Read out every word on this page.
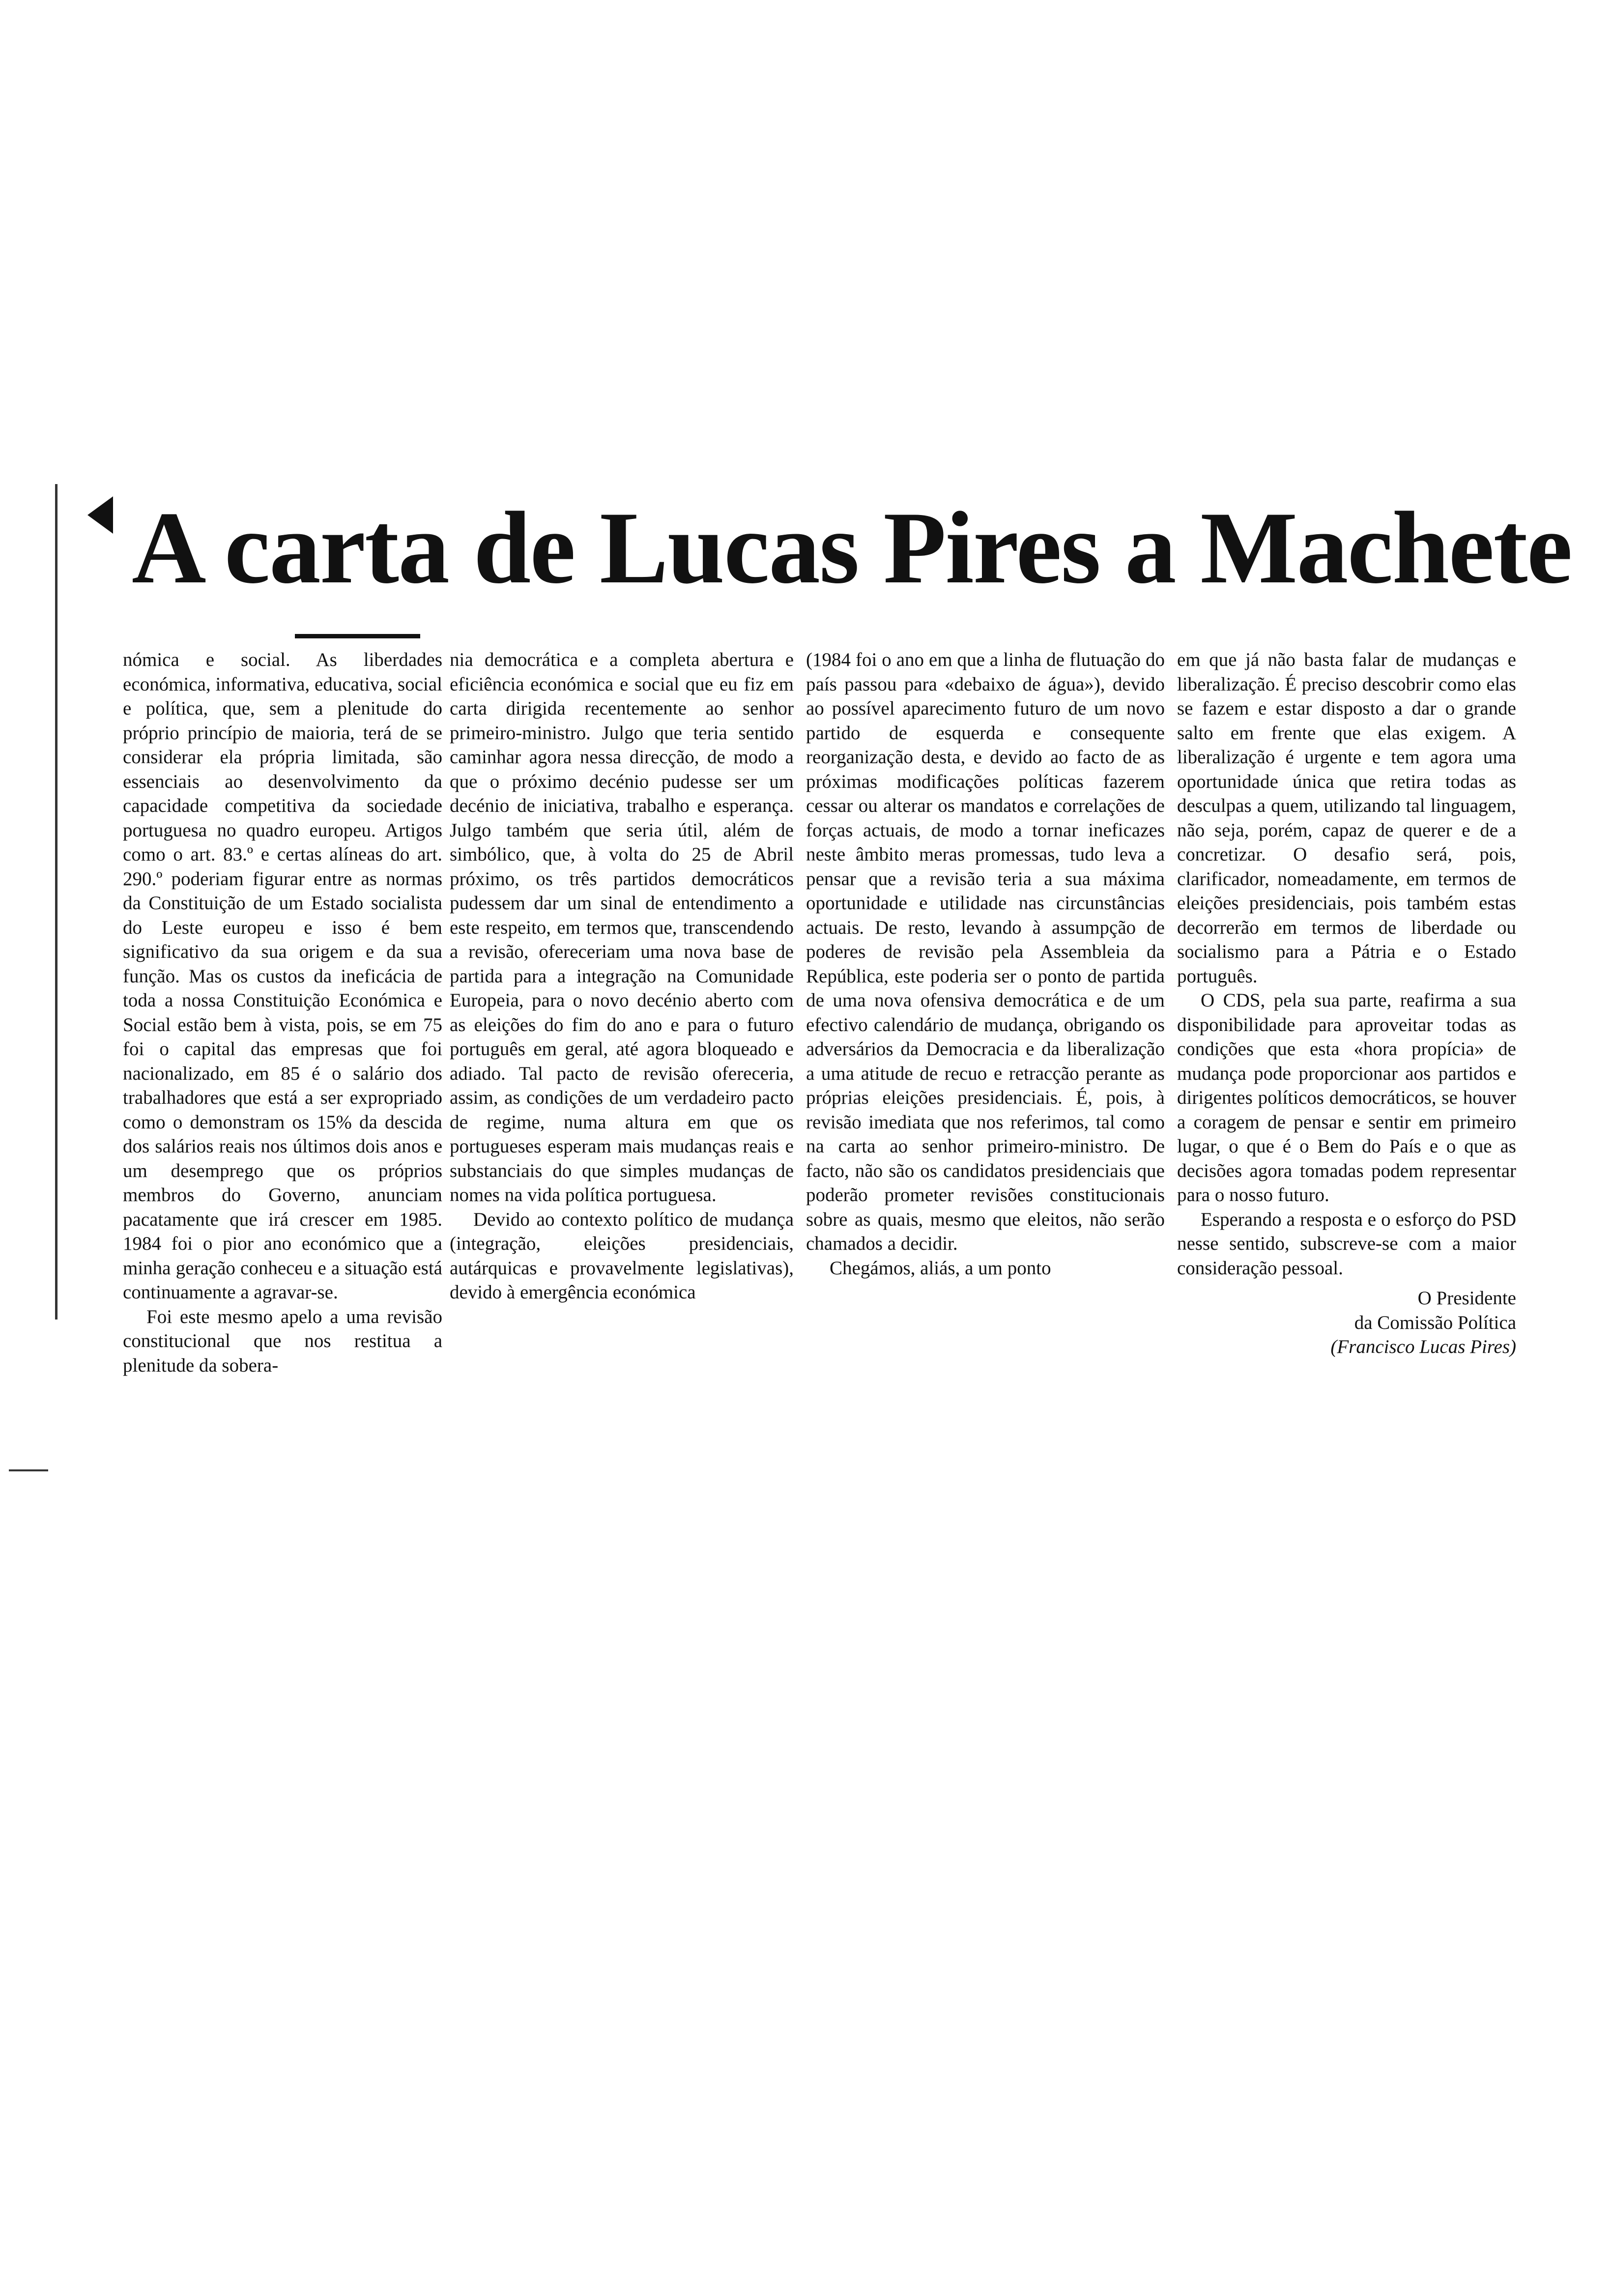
A carta de Lucas Pires a Machete

nómica e social. As liberdades económica, informativa, educativa, social e política, que, sem a plenitude do próprio princípio de maioria, terá de se considerar ela própria limitada, são essenciais ao desenvolvimento da capacidade competitiva da sociedade portuguesa no quadro europeu. Artigos como o art. 83.º e certas alíneas do art. 290.º poderiam figurar entre as normas da Constituição de um Estado socialista do Leste europeu e isso é bem significativo da sua origem e da sua função. Mas os custos da ineficácia de toda a nossa Constituição Económica e Social estão bem à vista, pois, se em 75 foi o capital das empresas que foi nacionalizado, em 85 é o salário dos trabalhadores que está a ser expropriado como o demonstram os 15% da descida dos salários reais nos últimos dois anos e um desemprego que os próprios membros do Governo, anunciam pacatamente que irá crescer em 1985. 1984 foi o pior ano económico que a minha geração conheceu e a situação está continuamente a agravar-se.

Foi este mesmo apelo a uma revisão constitucional que nos restitua a plenitude da sobera-

nia democrática e a completa abertura e eficiência económica e social que eu fiz em carta dirigida recentemente ao senhor primeiro-ministro. Julgo que teria sentido caminhar agora nessa direcção, de modo a que o próximo decénio pudesse ser um decénio de iniciativa, trabalho e esperança. Julgo também que seria útil, além de simbólico, que, à volta do 25 de Abril próximo, os três partidos democráticos pudessem dar um sinal de entendimento a este respeito, em termos que, transcendendo a revisão, ofereceriam uma nova base de partida para a integração na Comunidade Europeia, para o novo decénio aberto com as eleições do fim do ano e para o futuro português em geral, até agora bloqueado e adiado. Tal pacto de revisão ofereceria, assim, as condições de um verdadeiro pacto de regime, numa altura em que os portugueses esperam mais mudanças reais e substanciais do que simples mudanças de nomes na vida política portuguesa.

Devido ao contexto político de mudança (integração, eleições presidenciais, autárquicas e provavelmente legislativas), devido à emergência económica

(1984 foi o ano em que a linha de flutuação do país passou para «debaixo de água»), devido ao possível aparecimento futuro de um novo partido de esquerda e consequente reorganização desta, e devido ao facto de as próximas modificações políticas fazerem cessar ou alterar os mandatos e correlações de forças actuais, de modo a tornar ineficazes neste âmbito meras promessas, tudo leva a pensar que a revisão teria a sua máxima oportunidade e utilidade nas circunstâncias actuais. De resto, levando à assumpção de poderes de revisão pela Assembleia da República, este poderia ser o ponto de partida de uma nova ofensiva democrática e de um efectivo calendário de mudança, obrigando os adversários da Democracia e da liberalização a uma atitude de recuo e retracção perante as próprias eleições presidenciais. É, pois, à revisão imediata que nos referimos, tal como na carta ao senhor primeiro-ministro. De facto, não são os candidatos presidenciais que poderão prometer revisões constitucionais sobre as quais, mesmo que eleitos, não serão chamados a decidir.

Chegámos, aliás, a um ponto

em que já não basta falar de mudanças e liberalização. É preciso descobrir como elas se fazem e estar disposto a dar o grande salto em frente que elas exigem. A liberalização é urgente e tem agora uma oportunidade única que retira todas as desculpas a quem, utilizando tal linguagem, não seja, porém, capaz de querer e de a concretizar. O desafio será, pois, clarificador, nomeadamente, em termos de eleições presidenciais, pois também estas decorrerão em termos de liberdade ou socialismo para a Pátria e o Estado português.

O CDS, pela sua parte, reafirma a sua disponibilidade para aproveitar todas as condições que esta «hora propícia» de mudança pode proporcionar aos partidos e dirigentes políticos democráticos, se houver a coragem de pensar e sentir em primeiro lugar, o que é o Bem do País e o que as decisões agora tomadas podem representar para o nosso futuro.

Esperando a resposta e o esforço do PSD nesse sentido, subscreve-se com a maior consideração pessoal.

O Presidente
da Comissão Política
(Francisco Lucas Pires)
